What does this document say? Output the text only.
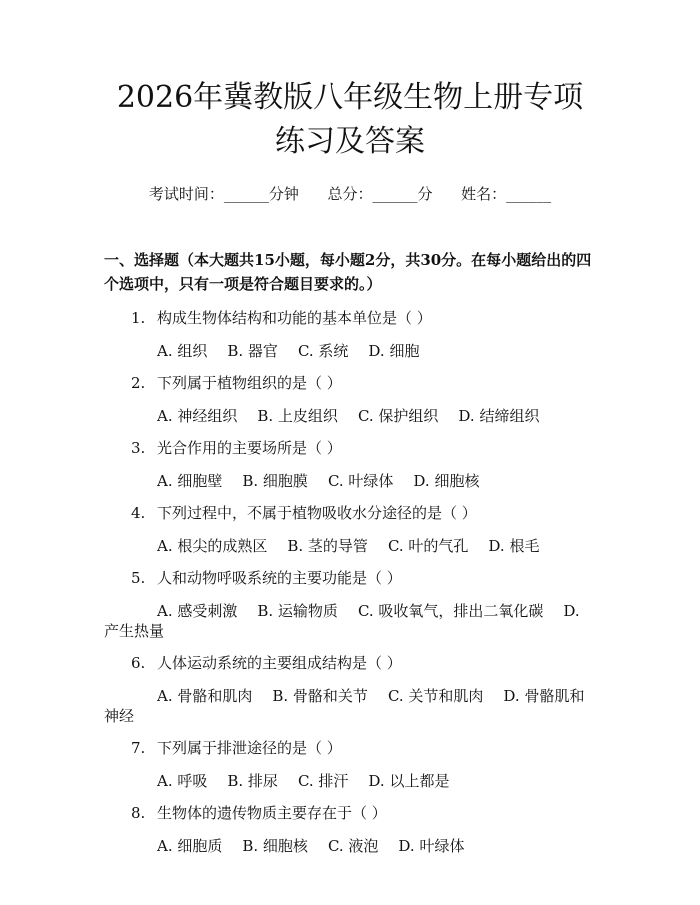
2026年冀教版八年级生物上册专项练习及答案
考试时间：______分钟      总分：______分      姓名：______
一、选择题（本大题共15小题，每小题2分，共30分。在每小题给出的四个选项中，只有一项是符合题目要求的。）
1. 构成生物体结构和功能的基本单位是（ ）
A. 组织 B. 器官 C. 系统 D. 细胞
2. 下列属于植物组织的是（ ）
A. 神经组织 B. 上皮组织 C. 保护组织 D. 结缔组织
3. 光合作用的主要场所是（ ）
A. 细胞壁 B. 细胞膜 C. 叶绿体 D. 细胞核
4. 下列过程中，不属于植物吸收水分途径的是（ ）
A. 根尖的成熟区 B. 茎的导管 C. 叶的气孔 D. 根毛
5. 人和动物呼吸系统的主要功能是（ ）
A. 感受刺激 B. 运输物质 C. 吸收氧气，排出二氧化碳 D. 产生热量
6. 人体运动系统的主要组成结构是（ ）
A. 骨骼和肌肉 B. 骨骼和关节 C. 关节和肌肉 D. 骨骼肌和神经
7. 下列属于排泄途径的是（ ）
A. 呼吸 B. 排尿 C. 排汗 D. 以上都是
8. 生物体的遗传物质主要存在于（ ）
A. 细胞质 B. 细胞核 C. 液泡 D. 叶绿体
